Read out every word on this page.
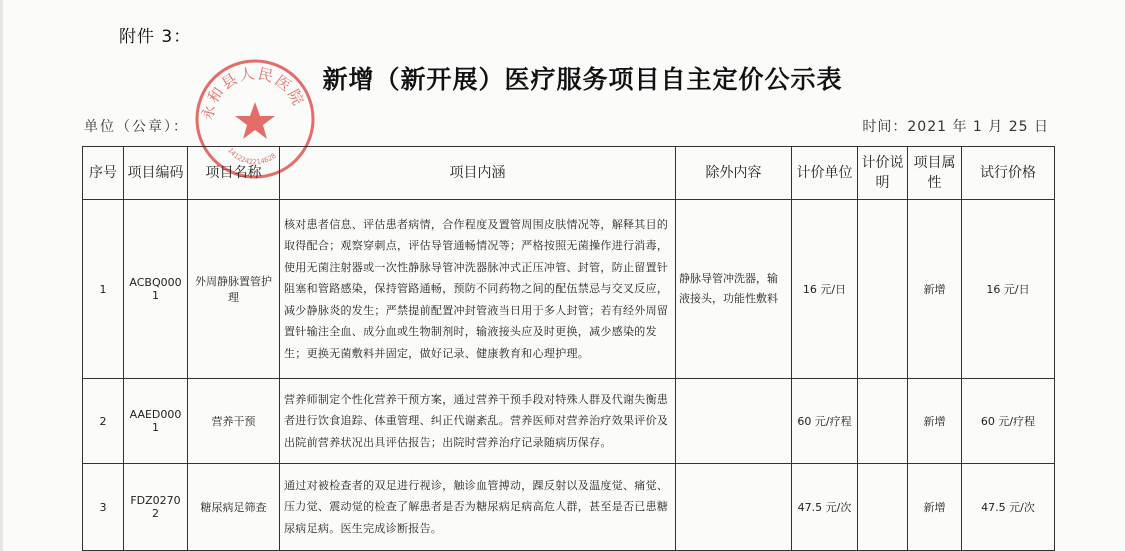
附件 3：
新增（新开展）医疗服务项目自主定价公示表
单位（公章）：	时间：2021 年 1 月 25 日
永和县人民医院
1412242214628
序号	项目编码	项目名称	项目内涵	除外内容	计价单位	计价说明	项目属性	试行价格
1	ACBQ0001	外周静脉置管护理	核对患者信息、评估患者病情，合作程度及置管周围皮肤情况等，解释其目的取得配合；观察穿刺点，评估导管通畅情况等；严格按照无菌操作进行消毒，使用无菌注射器或一次性静脉导管冲洗器脉冲式正压冲管、封管，防止留置针阻塞和管路感染，保持管路通畅，预防不同药物之间的配伍禁忌与交叉反应，减少静脉炎的发生；严禁提前配置冲封管液当日用于多人封管；若有经外周留置针输注全血、成分血或生物制剂时，输液接头应及时更换，减少感染的发生；更换无菌敷料并固定，做好记录、健康教育和心理护理。	静脉导管冲洗器，输液接头，功能性敷料	16 元/日		新增	16 元/日
2	AAED0001	营养干预	营养师制定个性化营养干预方案，通过营养干预手段对特殊人群及代谢失衡患者进行饮食追踪、体重管理、纠正代谢紊乱。营养医师对营养治疗效果评价及出院前营养状况出具评估报告；出院时营养治疗记录随病历保存。		60 元/疗程		新增	60 元/疗程
3	FDZ02702	糖尿病足筛查	通过对被检查者的双足进行视诊，触诊血管搏动，踝反射以及温度觉、痛觉、压力觉、震动觉的检查了解患者是否为糖尿病足病高危人群，甚至是否已患糖尿病足病。医生完成诊断报告。		47.5 元/次		新增	47.5 元/次
